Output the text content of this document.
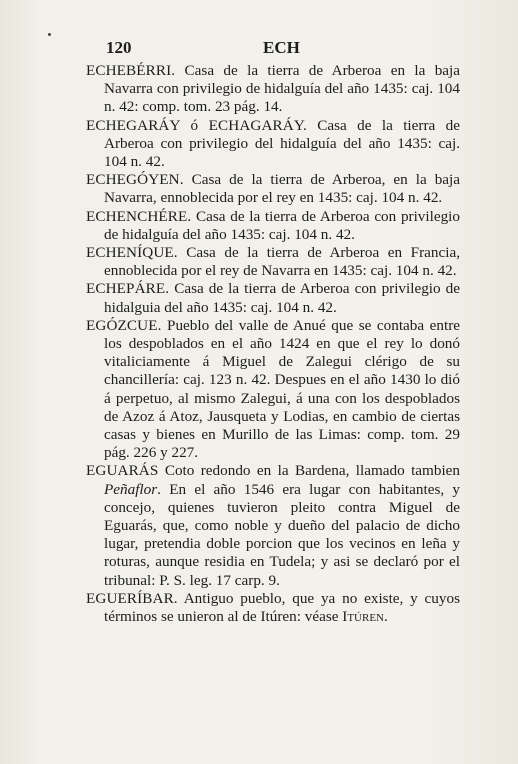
120	ECH

ECHEBÉRRI. Casa de la tierra de Arberoa en la baja Navarra con privilegio de hidalguía del año 1435: caj. 104 n. 42: comp. tom. 23 pág. 14.

ECHEGARÁY ó ECHAGARÁY. Casa de la tierra de Arberoa con privilegio del hidalguía del año 1435: caj. 104 n. 42.

ECHEGÓYEN. Casa de la tierra de Arberoa, en la baja Navarra, ennoblecida por el rey en 1435: caj. 104 n. 42.

ECHENCHÉRE. Casa de la tierra de Arberoa con privilegio de hidalguía del año 1435: caj. 104 n. 42.

ECHENÍQUE. Casa de la tierra de Arberoa en Francia, ennoblecida por el rey de Navarra en 1435: caj. 104 n. 42.

ECHEPÁRE. Casa de la tierra de Arberoa con privilegio de hidalguia del año 1435: caj. 104 n. 42.

EGÓZCUE. Pueblo del valle de Anué que se contaba entre los despoblados en el año 1424 en que el rey lo donó vitaliciamente á Miguel de Zalegui clérigo de su chancillería: caj. 123 n. 42. Despues en el año 1430 lo dió á perpetuo, al mismo Zalegui, á una con los despoblados de Azoz á Atoz, Jausqueta y Lodias, en cambio de ciertas casas y bienes en Murillo de las Limas: comp. tom. 29 pág. 226 y 227.

EGUARÁS Coto redondo en la Bardena, llamado tambien Peñaflor. En el año 1546 era lugar con habitantes, y concejo, quienes tuvieron pleito contra Miguel de Eguarás, que, como noble y dueño del palacio de dicho lugar, pretendia doble porcion que los vecinos en leña y roturas, aunque residia en Tudela; y asi se declaró por el tribunal: P. S. leg. 17 carp. 9.

EGUERÍBAR. Antiguo pueblo, que ya no existe, y cuyos términos se unieron al de Itúren: véase Itúren.
